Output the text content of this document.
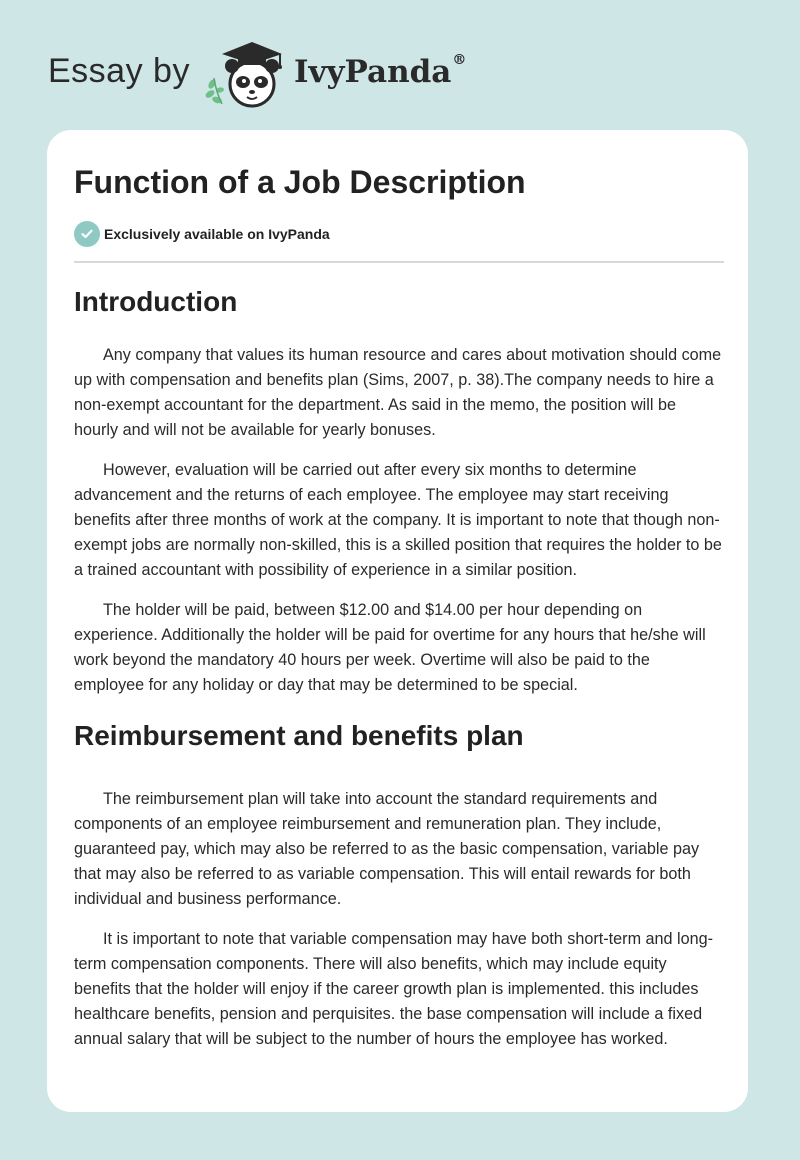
Essay by	IvyPanda®
Function of a Job Description
Exclusively available on IvyPanda
Introduction

Any company that values its human resource and cares about motivation should come up with compensation and benefits plan (Sims, 2007, p. 38).The company needs to hire a non-exempt accountant for the department. As said in the memo, the position will be hourly and will not be available for yearly bonuses.

However, evaluation will be carried out after every six months to determine advancement and the returns of each employee. The employee may start receiving benefits after three months of work at the company. It is important to note that though non-exempt jobs are normally non-skilled, this is a skilled position that requires the holder to be a trained accountant with possibility of experience in a similar position.

The holder will be paid, between $12.00 and $14.00 per hour depending on experience. Additionally the holder will be paid for overtime for any hours that he/she will work beyond the mandatory 40 hours per week. Overtime will also be paid to the employee for any holiday or day that may be determined to be special.

Reimbursement and benefits plan

The reimbursement plan will take into account the standard requirements and components of an employee reimbursement and remuneration plan. They include, guaranteed pay, which may also be referred to as the basic compensation, variable pay that may also be referred to as variable compensation. This will entail rewards for both individual and business performance.

It is important to note that variable compensation may have both short-term and long-term compensation components. There will also benefits, which may include equity benefits that the holder will enjoy if the career growth plan is implemented. this includes healthcare benefits, pension and perquisites. the base compensation will include a fixed annual salary that will be subject to the number of hours the employee has worked.
